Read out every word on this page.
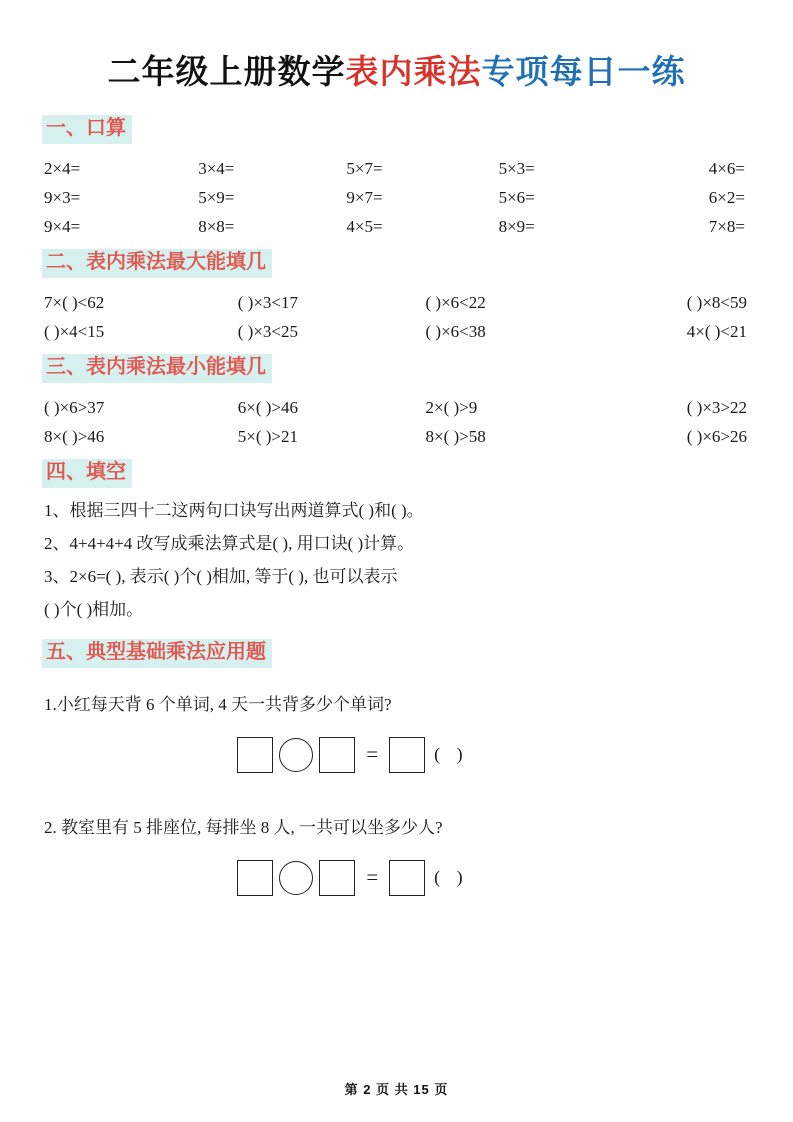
二年级上册数学表内乘法专项每日一练
一、口算
2×4=	3×4=	5×7=	5×3=	4×6=
9×3=	5×9=	9×7=	5×6=	6×2=
9×4=	8×8=	4×5=	8×9=	7×8=
二、表内乘法最大能填几
7×( )<62	( )×3<17	( )×6<22	( )×8<59
( )×4<15	( )×3<25	( )×6<38	4×( )<21
三、表内乘法最小能填几
( )×6>37	6×( )>46	2×( )>9	( )×3>22
8×( )>46	5×( )>21	8×( )>58	( )×6>26
四、填空
1、根据三四十二这两句口诀写出两道算式( )和( )。
2、4+4+4+4 改写成乘法算式是( ), 用口诀( )计算。
3、2×6=( ), 表示( )个( )相加, 等于( ), 也可以表示
( )个( )相加。
五、典型基础乘法应用题
1.小红每天背 6 个单词, 4 天一共背多少个单词?
=	( )
2. 教室里有 5 排座位, 每排坐 8 人, 一共可以坐多少人?
=	( )
第 2 页 共 15 页
